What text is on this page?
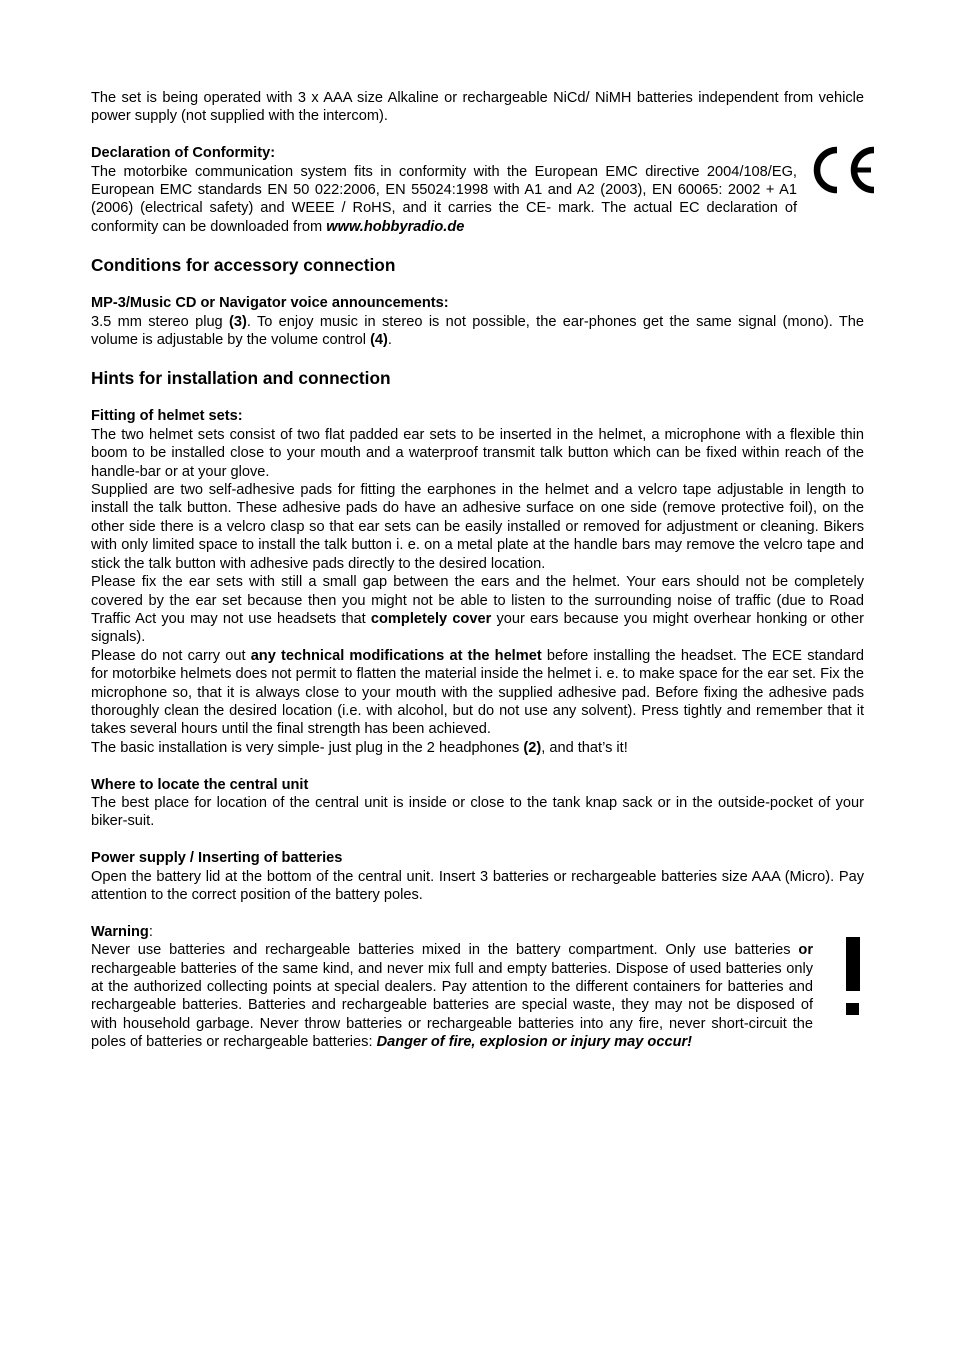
The set is being operated with 3 x AAA size Alkaline or rechargeable NiCd/ NiMH batteries independent from vehicle power supply (not supplied with the intercom).

Declaration of Conformity:

The motorbike communication system fits in conformity with the European EMC directive 2004/108/EG, European EMC standards EN 50 022:2006, EN 55024:1998 with A1 and A2 (2003), EN 60065: 2002 + A1 (2006) (electrical safety) and WEEE / RoHS, and it carries the CE- mark. The actual EC declaration of conformity can be downloaded from www.hobbyradio.de

Conditions for accessory connection

MP-3/Music CD or Navigator voice announcements:

3.5 mm stereo plug (3). To enjoy music in stereo is not possible, the ear-phones get the same signal (mono). The volume is adjustable by the volume control (4).

Hints for installation and connection

Fitting of helmet sets:

The two helmet sets consist of two flat padded ear sets to be inserted in the helmet, a microphone with a flexible thin boom to be installed close to your mouth and a waterproof transmit talk button which can be fixed within reach of the handle-bar or at your glove.

Supplied are two self-adhesive pads for fitting the earphones in the helmet and a velcro tape adjustable in length to install the talk button. These adhesive pads do have an adhesive surface on one side (remove protective foil), on the other side there is a velcro clasp so that ear sets can be easily installed or removed for adjustment or cleaning. Bikers with only limited space to install the talk button i. e. on a metal plate at the handle bars may remove the velcro tape and stick the talk button with adhesive pads directly to the desired location.

Please fix the ear sets with still a small gap between the ears and the helmet. Your ears should not be completely covered by the ear set because then you might not be able to listen to the surrounding noise of traffic (due to Road Traffic Act you may not use headsets that completely cover your ears because you might overhear honking or other signals).

Please do not carry out any technical modifications at the helmet before installing the headset. The ECE standard for motorbike helmets does not permit to flatten the material inside the helmet i. e. to make space for the ear set. Fix the microphone so, that it is always close to your mouth with the supplied adhesive pad. Before fixing the adhesive pads thoroughly clean the desired location (i.e. with alcohol, but do not use any solvent). Press tightly and remember that it takes several hours until the final strength has been achieved.

The basic installation is very simple- just plug in the 2 headphones (2), and that’s it!

Where to locate the central unit

The best place for location of the central unit is inside or close to the tank knap sack or in the outside-pocket of your biker-suit.

Power supply / Inserting of batteries

Open the battery lid at the bottom of the central unit. Insert 3 batteries or rechargeable batteries size AAA (Micro). Pay attention to the correct position of the battery poles.

Warning:

Never use batteries and rechargeable batteries mixed in the battery compartment. Only use batteries or rechargeable batteries of the same kind, and never mix full and empty batteries. Dispose of used batteries only at the authorized collecting points at special dealers. Pay attention to the different containers for batteries and rechargeable batteries. Batteries and rechargeable batteries are special waste, they may not be disposed of with household garbage. Never throw batteries or rechargeable batteries into any fire, never short-circuit the poles of batteries or rechargeable batteries: Danger of fire, explosion or injury may occur!
